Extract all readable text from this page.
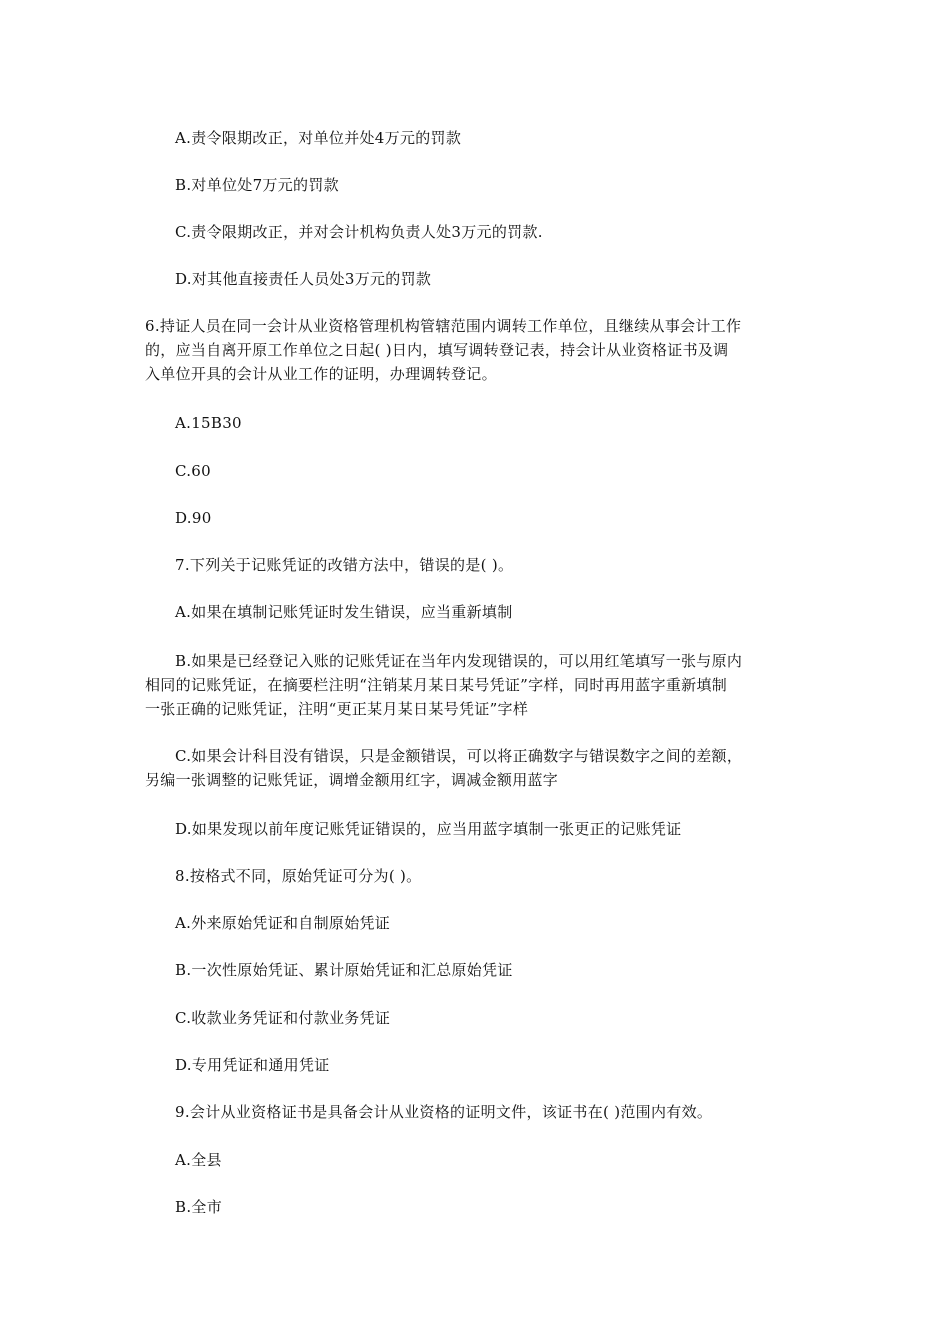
A.责令限期改正，对单位并处4万元的罚款

B.对单位处7万元的罚款

C.责令限期改正，并对会计机构负责人处3万元的罚款.

D.对其他直接责任人员处3万元的罚款

6.持证人员在同一会计从业资格管理机构管辖范围内调转工作单位，且继续从事会计工作
的，应当自离开原工作单位之日起( )日内，填写调转登记表，持会计从业资格证书及调
入单位开具的会计从业工作的证明，办理调转登记。

A.15B30

C.60

D.90

7.下列关于记账凭证的改错方法中，错误的是( )。

A.如果在填制记账凭证时发生错误，应当重新填制

B.如果是已经登记入账的记账凭证在当年内发现错误的，可以用红笔填写一张与原内
相同的记账凭证，在摘要栏注明“注销某月某日某号凭证”字样，同时再用蓝字重新填制
一张正确的记账凭证，注明“更正某月某日某号凭证”字样

C.如果会计科目没有错误，只是金额错误，可以将正确数字与错误数字之间的差额，
另编一张调整的记账凭证，调增金额用红字，调减金额用蓝字

D.如果发现以前年度记账凭证错误的，应当用蓝字填制一张更正的记账凭证

8.按格式不同，原始凭证可分为( )。

A.外来原始凭证和自制原始凭证

B.一次性原始凭证、累计原始凭证和汇总原始凭证

C.收款业务凭证和付款业务凭证

D.专用凭证和通用凭证

9.会计从业资格证书是具备会计从业资格的证明文件，该证书在( )范围内有效。

A.全县

B.全市
